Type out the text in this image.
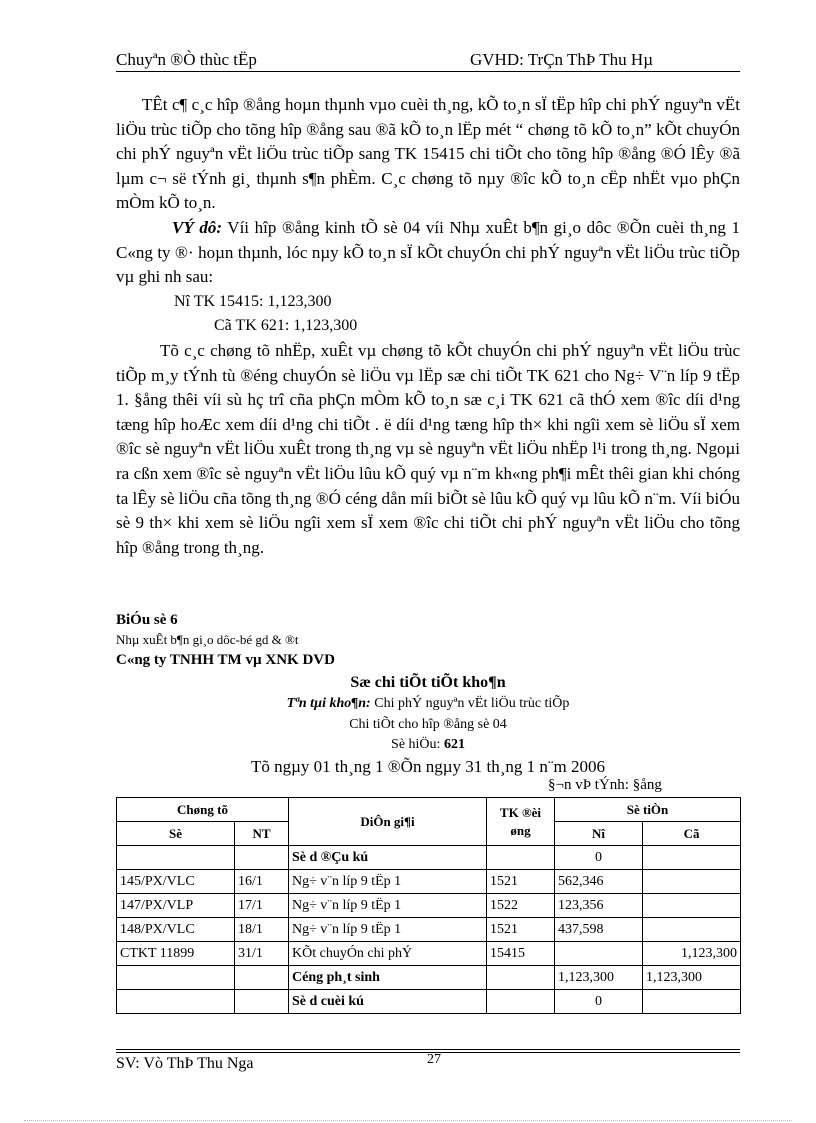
Chuyªn ®Ò thùc tËp	GVHD: TrÇn ThÞ Thu Hµ

TÊt c¶ c¸c hîp ®ång hoµn thµnh vµo cuèi th¸ng, kÕ to¸n sÏ tËp hîp chi phÝ nguyªn vËt liÖu trùc tiÕp cho tõng hîp ®ång sau ®ã kÕ to¸n lËp mét “ chøng tõ kÕ to¸n” kÕt chuyÓn chi phÝ nguyªn vËt liÖu trùc tiÕp sang TK 15415 chi tiÕt cho tõng hîp ®ång ®Ó lÊy ®ã lµm c¬ së tÝnh gi¸ thµnh s¶n phÈm. C¸c chøng tõ nµy ®îc kÕ to¸n cËp nhËt vµo phÇn mÒm kÕ to¸n.

VÝ dô: Víi hîp ®ång kinh tÕ sè 04 víi Nhµ xuÊt b¶n gi¸o dôc ®Õn cuèi th¸ng 1 C«ng ty ®· hoµn thµnh, lóc nµy kÕ to¸n sÏ kÕt chuyÓn chi phÝ nguyªn vËt liÖu trùc tiÕp vµ ghi nh sau:

Nî TK 15415: 1,123,300

Cã TK 621: 1,123,300

Tõ c¸c chøng tõ nhËp, xuÊt vµ chøng tõ kÕt chuyÓn chi phÝ nguyªn vËt liÖu trùc tiÕp m¸y tÝnh tù ®éng chuyÓn sè liÖu vµ lËp sæ chi tiÕt TK 621 cho Ng÷ V¨n líp 9 tËp 1. §ång thêi víi sù hç trî cña phÇn mÒm kÕ to¸n sæ c¸i TK 621 cã thÓ xem ®îc díi d¹ng tæng hîp hoÆc xem díi d¹ng chi tiÕt . ë díi d¹ng tæng hîp th× khi ngîi xem sè liÖu sÏ xem ®îc sè nguyªn vËt liÖu xuÊt trong th¸ng vµ sè nguyªn vËt liÖu nhËp l¹i trong th¸ng. Ngoµi ra cßn xem ®îc sè nguyªn vËt liÖu lûu kÕ quý vµ n¨m kh«ng ph¶i mÊt thêi gian khi chóng ta lÊy sè liÖu cña tõng th¸ng ®Ó céng dån míi biÕt sè lûu kÕ quý vµ lûu kÕ n¨m. Víi biÓu sè 9 th× khi xem sè liÖu ngîi xem sÏ xem ®îc chi tiÕt chi phÝ nguyªn vËt liÖu cho tõng hîp ®ång trong th¸ng.

BiÓu sè 6
Nhµ xuÊt b¶n gi¸o dôc-bé gd & ®t
C«ng ty TNHH TM vµ XNK DVD
Sæ chi tiÕt tiÕt kho¶n
Tªn tµi kho¶n: Chi phÝ nguyªn vËt liÖu trùc tiÕp
Chi tiÕt cho hîp ®ång sè 04
Sè hiÖu: 621
Tõ ngµy 01 th¸ng 1 ®Õn ngµy 31 th¸ng 1 n¨m 2006
§¬n vÞ tÝnh: §ång
Chøng tõ		DiÔn gi¶i	TK ®èi øng	Sè tiÒn	
Sè	NT			Nî	Cã
		Sè d ®Çu kú		0	
145/PX/VLC	16/1	Ng÷ v¨n líp 9 tËp 1	1521	562,346	
147/PX/VLP	17/1	Ng÷ v¨n líp 9 tËp 1	1522	123,356	
148/PX/VLC	18/1	Ng÷ v¨n líp 9 tËp 1	1521	437,598	
CTKT 11899	31/1	KÕt chuyÓn chi phÝ	15415		1,123,300
		Céng ph¸t sinh		1,123,300	1,123,300
		Sè d cuèi kú		0	
27
SV: Vò ThÞ Thu Nga
